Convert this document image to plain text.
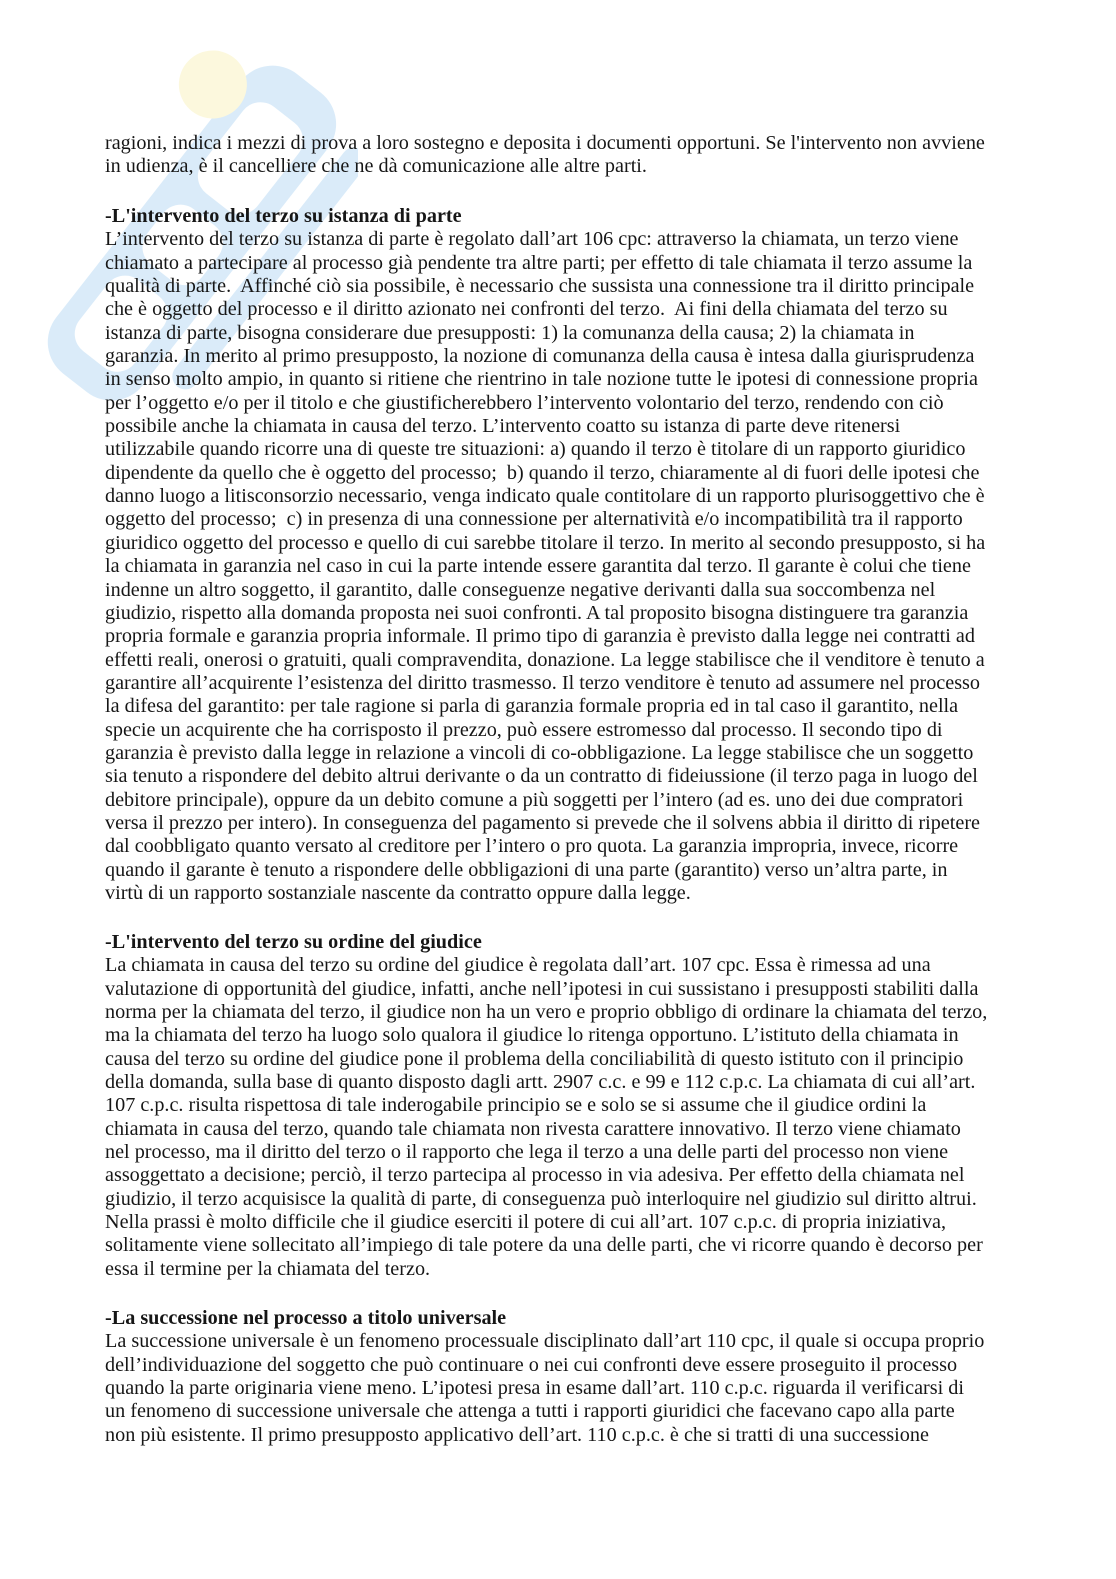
ragioni, indica i mezzi di prova a loro sostegno e deposita i documenti opportuni. Se l'intervento non avviene
in udienza, è il cancelliere che ne dà comunicazione alle altre parti.
-L'intervento del terzo su istanza di parte
L’intervento del terzo su istanza di parte è regolato dall’art 106 cpc: attraverso la chiamata, un terzo viene
chiamato a partecipare al processo già pendente tra altre parti; per effetto di tale chiamata il terzo assume la
qualità di parte.  Affinché ciò sia possibile, è necessario che sussista una connessione tra il diritto principale
che è oggetto del processo e il diritto azionato nei confronti del terzo.  Ai fini della chiamata del terzo su
istanza di parte, bisogna considerare due presupposti: 1) la comunanza della causa; 2) la chiamata in
garanzia. In merito al primo presupposto, la nozione di comunanza della causa è intesa dalla giurisprudenza
in senso molto ampio, in quanto si ritiene che rientrino in tale nozione tutte le ipotesi di connessione propria
per l’oggetto e/o per il titolo e che giustificherebbero l’intervento volontario del terzo, rendendo con ciò
possibile anche la chiamata in causa del terzo. L’intervento coatto su istanza di parte deve ritenersi
utilizzabile quando ricorre una di queste tre situazioni: a) quando il terzo è titolare di un rapporto giuridico
dipendente da quello che è oggetto del processo;  b) quando il terzo, chiaramente al di fuori delle ipotesi che
danno luogo a litisconsorzio necessario, venga indicato quale contitolare di un rapporto plurisoggettivo che è
oggetto del processo;  c) in presenza di una connessione per alternatività e/o incompatibilità tra il rapporto
giuridico oggetto del processo e quello di cui sarebbe titolare il terzo. In merito al secondo presupposto, si ha
la chiamata in garanzia nel caso in cui la parte intende essere garantita dal terzo. Il garante è colui che tiene
indenne un altro soggetto, il garantito, dalle conseguenze negative derivanti dalla sua soccombenza nel
giudizio, rispetto alla domanda proposta nei suoi confronti. A tal proposito bisogna distinguere tra garanzia
propria formale e garanzia propria informale. Il primo tipo di garanzia è previsto dalla legge nei contratti ad
effetti reali, onerosi o gratuiti, quali compravendita, donazione. La legge stabilisce che il venditore è tenuto a
garantire all’acquirente l’esistenza del diritto trasmesso. Il terzo venditore è tenuto ad assumere nel processo
la difesa del garantito: per tale ragione si parla di garanzia formale propria ed in tal caso il garantito, nella
specie un acquirente che ha corrisposto il prezzo, può essere estromesso dal processo. Il secondo tipo di
garanzia è previsto dalla legge in relazione a vincoli di co-obbligazione. La legge stabilisce che un soggetto
sia tenuto a rispondere del debito altrui derivante o da un contratto di fideiussione (il terzo paga in luogo del
debitore principale), oppure da un debito comune a più soggetti per l’intero (ad es. uno dei due compratori
versa il prezzo per intero). In conseguenza del pagamento si prevede che il solvens abbia il diritto di ripetere
dal coobbligato quanto versato al creditore per l’intero o pro quota. La garanzia impropria, invece, ricorre
quando il garante è tenuto a rispondere delle obbligazioni di una parte (garantito) verso un’altra parte, in
virtù di un rapporto sostanziale nascente da contratto oppure dalla legge.
-L'intervento del terzo su ordine del giudice
La chiamata in causa del terzo su ordine del giudice è regolata dall’art. 107 cpc. Essa è rimessa ad una
valutazione di opportunità del giudice, infatti, anche nell’ipotesi in cui sussistano i presupposti stabiliti dalla
norma per la chiamata del terzo, il giudice non ha un vero e proprio obbligo di ordinare la chiamata del terzo,
ma la chiamata del terzo ha luogo solo qualora il giudice lo ritenga opportuno. L’istituto della chiamata in
causa del terzo su ordine del giudice pone il problema della conciliabilità di questo istituto con il principio
della domanda, sulla base di quanto disposto dagli artt. 2907 c.c. e 99 e 112 c.p.c. La chiamata di cui all’art.
107 c.p.c. risulta rispettosa di tale inderogabile principio se e solo se si assume che il giudice ordini la
chiamata in causa del terzo, quando tale chiamata non rivesta carattere innovativo. Il terzo viene chiamato
nel processo, ma il diritto del terzo o il rapporto che lega il terzo a una delle parti del processo non viene
assoggettato a decisione; perciò, il terzo partecipa al processo in via adesiva. Per effetto della chiamata nel
giudizio, il terzo acquisisce la qualità di parte, di conseguenza può interloquire nel giudizio sul diritto altrui.
Nella prassi è molto difficile che il giudice eserciti il potere di cui all’art. 107 c.p.c. di propria iniziativa,
solitamente viene sollecitato all’impiego di tale potere da una delle parti, che vi ricorre quando è decorso per
essa il termine per la chiamata del terzo.
-La successione nel processo a titolo universale
La successione universale è un fenomeno processuale disciplinato dall’art 110 cpc, il quale si occupa proprio
dell’individuazione del soggetto che può continuare o nei cui confronti deve essere proseguito il processo
quando la parte originaria viene meno. L’ipotesi presa in esame dall’art. 110 c.p.c. riguarda il verificarsi di
un fenomeno di successione universale che attenga a tutti i rapporti giuridici che facevano capo alla parte
non più esistente. Il primo presupposto applicativo dell’art. 110 c.p.c. è che si tratti di una successione
